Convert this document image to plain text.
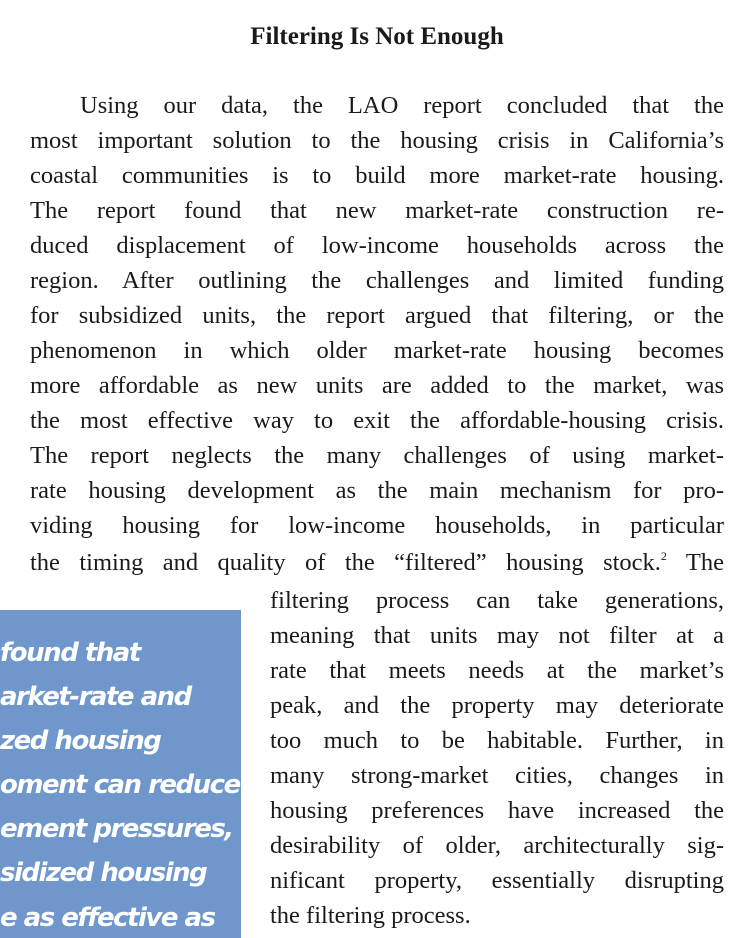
Filtering Is Not Enough

Using our data, the LAO report concluded that the

most important solution to the housing crisis in California’s

coastal communities is to build more market-rate housing.

The report found that new market-rate construction re-

duced displacement of low-income households across the

region. After outlining the challenges and limited funding

for subsidized units, the report argued that filtering, or the

phenomenon in which older market-rate housing becomes

more affordable as new units are added to the market, was

the most effective way to exit the affordable-housing crisis.

The report neglects the many challenges of using market-

rate housing development as the main mechanism for pro-

viding housing for low-income households, in particular

the timing and quality of the “filtered” housing stock.$^2$ The

filtering process can take generations,

meaning that units may not filter at a

rate that meets needs at the market’s

peak, and the property may deteriorate

too much to be habitable. Further, in

many strong-market cities, changes in

housing preferences have increased the

desirability of older, architecturally sig-

nificant property, essentially disrupting

the filtering process.

found that

arket-rate and

zed housing

oment can reduce

ement pressures,

sidized housing

e as effective as
